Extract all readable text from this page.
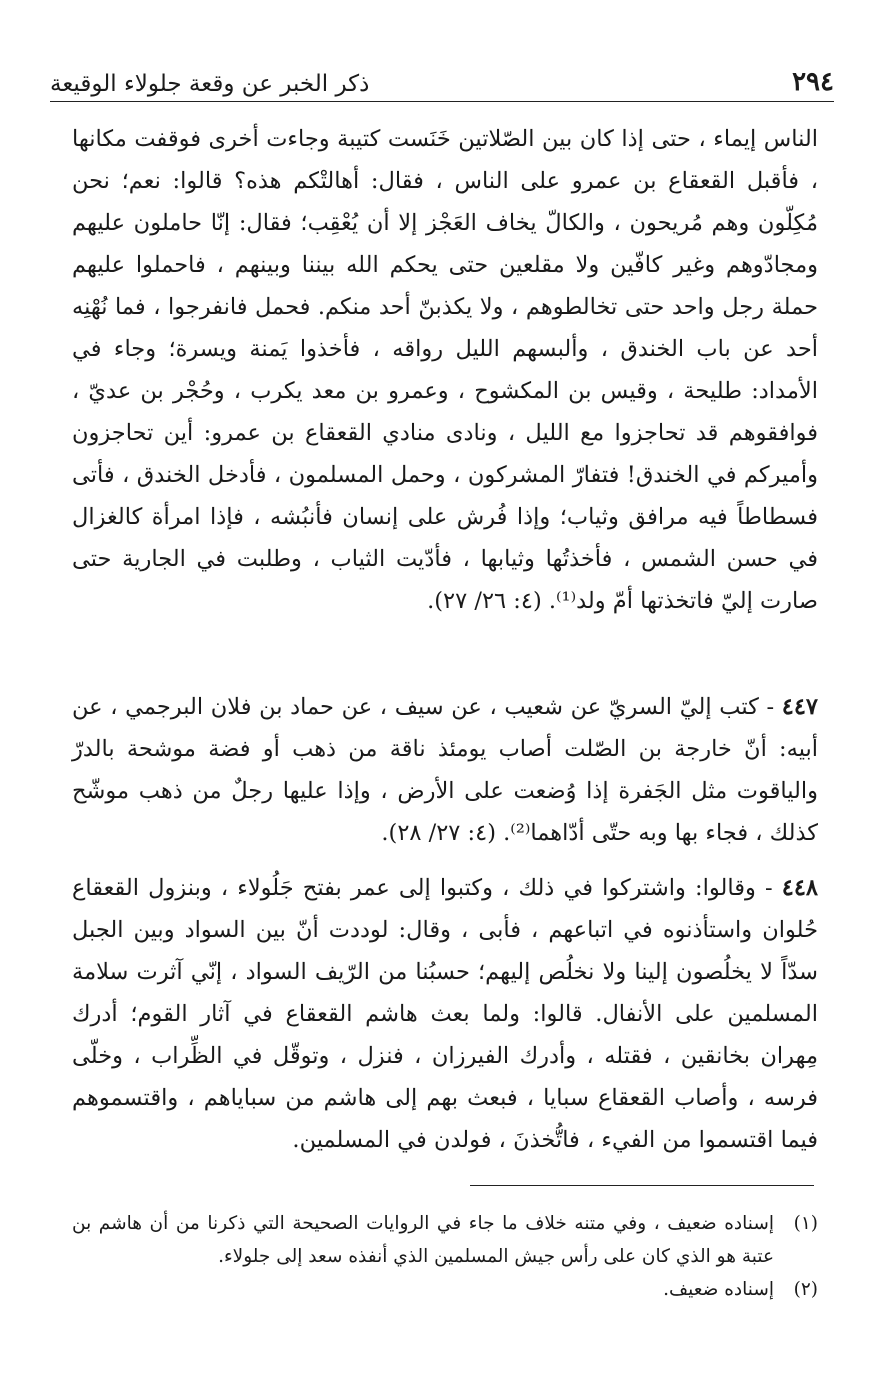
٢٩٤
ذكر الخبر عن وقعة جلولاء الوقيعة

الناس إيماء ، حتى إذا كان بين الصّلاتين خَنَست كتيبة وجاءت أخرى فوقفت مكانها ، فأقبل القعقاع بن عمرو على الناس ، فقال: أهالتْكم هذه؟ قالوا: نعم؛ نحن مُكِلّون وهم مُريحون ، والكالّ يخاف العَجْز إلا أن يُعْقِب؛ فقال: إنّا حاملون عليهم ومجادّوهم وغير كافّين ولا مقلعين حتى يحكم الله بيننا وبينهم ، فاحملوا عليهم حملة رجل واحد حتى تخالطوهم ، ولا يكذبنّ أحد منكم. فحمل فانفرجوا ، فما نُهْنِه أحد عن باب الخندق ، وألبسهم الليل رواقه ، فأخذوا يَمنة ويسرة؛ وجاء في الأمداد: طليحة ، وقيس بن المكشوح ، وعمرو بن معد يكرب ، وحُجْر بن عديّ ، فوافقوهم قد تحاجزوا مع الليل ، ونادى منادي القعقاع بن عمرو: أين تحاجزون وأميركم في الخندق! فتفارّ المشركون ، وحمل المسلمون ، فأدخل الخندق ، فأتى فسطاطاً فيه مرافق وثياب؛ وإذا فُرش على إنسان فأنبُشه ، فإذا امرأة كالغزال في حسن الشمس ، فأخذتُها وثيابها ، فأدّيت الثياب ، وطلبت في الجارية حتى صارت إليّ فاتخذتها أمّ ولد⁽¹⁾. (٤: ٢٦/ ٢٧).

٤٤٧ - كتب إليّ السريّ عن شعيب ، عن سيف ، عن حماد بن فلان البرجمي ، عن أبيه: أنّ خارجة بن الصّلت أصاب يومئذ ناقة من ذهب أو فضة موشحة بالدرّ والياقوت مثل الجَفرة إذا وُضعت على الأرض ، وإذا عليها رجلٌ من ذهب موشّح كذلك ، فجاء بها وبه حتّى أدّاهما⁽²⁾. (٤: ٢٧/ ٢٨).

٤٤٨ - وقالوا: واشتركوا في ذلك ، وكتبوا إلى عمر بفتح جَلُولاء ، وبنزول القعقاع حُلوان واستأذنوه في اتباعهم ، فأبى ، وقال: لوددت أنّ بين السواد وبين الجبل سدّاً لا يخلُصون إلينا ولا نخلُص إليهم؛ حسبُنا من الرّيف السواد ، إنّي آثرت سلامة المسلمين على الأنفال. قالوا: ولما بعث هاشم القعقاع في آثار القوم؛ أدرك مِهران بخانقين ، فقتله ، وأدرك الفيرزان ، فنزل ، وتوقّل في الظِّراب ، وخلّى فرسه ، وأصاب القعقاع سبايا ، فبعث بهم إلى هاشم من سباياهم ، واقتسموهم فيما اقتسموا من الفيء ، فاتُّخذنَ ، فولدن في المسلمين.

(١)
إسناده ضعيف ، وفي متنه خلاف ما جاء في الروايات الصحيحة التي ذكرنا من أن هاشم بن عتبة هو الذي كان على رأس جيش المسلمين الذي أنفذه سعد إلى جلولاء.
(٢)
إسناده ضعيف.
